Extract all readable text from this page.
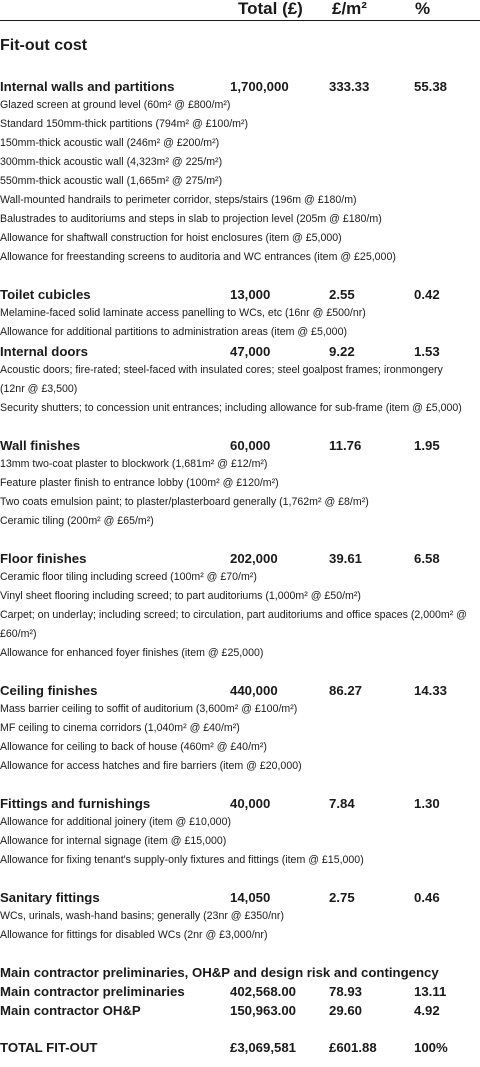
Total (£) £/m²	%
Fit-out cost
Internal walls and partitions	1,700,000	333.33	55.38

Glazed screen at ground level (60m² @ £800/m²)

Standard 150mm-thick partitions (794m² @ £100/m²)

150mm-thick acoustic wall (246m² @ £200/m²)

300mm-thick acoustic wall (4,323m² @ 225/m²)

550mm-thick acoustic wall (1,665m² @ 275/m²)

Wall-mounted handrails to perimeter corridor, steps/stairs (196m @ £180/m)

Balustrades to auditoriums and steps in slab to projection level (205m @ £180/m)

Allowance for shaftwall construction for hoist enclosures (item @ £5,000)

Allowance for freestanding screens to auditoria and WC entrances (item @ £25,000)

Toilet cubicles	13,000	2.55	0.42

Melamine-faced solid laminate access panelling to WCs, etc (16nr @ £500/nr)

Allowance for additional partitions to administration areas (item @ £5,000)

Internal doors	47,000	9.22	1.53

Acoustic doors; fire-rated; steel-faced with insulated cores; steel goalpost frames; ironmongery (12nr @ £3,500)

Security shutters; to concession unit entrances; including allowance for sub-frame (item @ £5,000)

Wall finishes	60,000	11.76	1.95

13mm two-coat plaster to blockwork (1,681m² @ £12/m²)

Feature plaster finish to entrance lobby (100m² @ £120/m²)

Two coats emulsion paint; to plaster/plasterboard generally (1,762m² @ £8/m²)

Ceramic tiling (200m² @ £65/m²)

Floor finishes	202,000	39.61	6.58

Ceramic floor tiling including screed (100m² @ £70/m²)

Vinyl sheet flooring including screed; to part auditoriums (1,000m² @ £50/m²)

Carpet; on underlay; including screed; to circulation, part auditoriums and office spaces (2,000m² @ £60/m²)

Allowance for enhanced foyer finishes (item @ £25,000)

Ceiling finishes	440,000	86.27	14.33

Mass barrier ceiling to soffit of auditorium (3,600m² @ £100/m²)

MF ceiling to cinema corridors (1,040m² @ £40/m²)

Allowance for ceiling to back of house (460m² @ £40/m²)

Allowance for access hatches and fire barriers (item @ £20,000)

Fittings and furnishings	40,000	7.84	1.30

Allowance for additional joinery (item @ £10,000)

Allowance for internal signage (item @ £15,000)

Allowance for fixing tenant's supply-only fixtures and fittings (item @ £15,000)

Sanitary fittings	14,050	2.75	0.46

WCs, urinals, wash-hand basins; generally (23nr @ £350/nr)

Allowance for fittings for disabled WCs (2nr @ £3,000/nr)

Main contractor preliminaries, OH&P and design risk and contingency
Main contractor preliminaries	402,568.00 78.93	13.11
Main contractor OH&P	150,963.00 29.60	4.92
TOTAL FIT-OUT	£3,069,581 £601.88	100%
